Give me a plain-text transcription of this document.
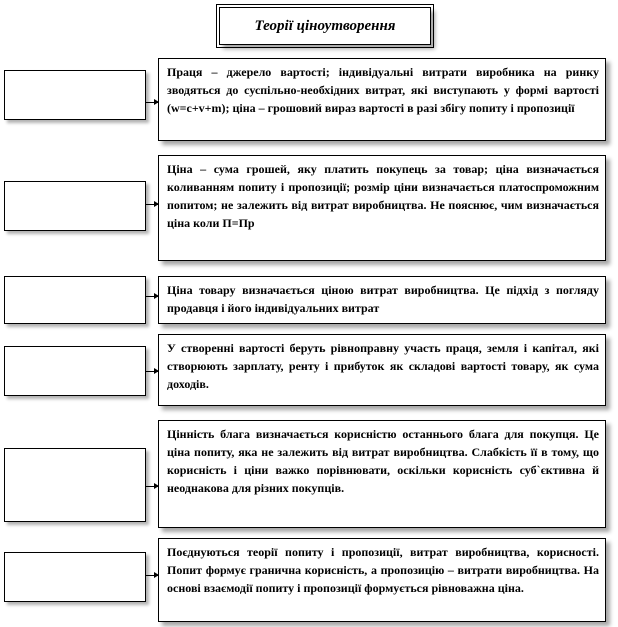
Теорії ціноутворення
Праця – джерело вартості; індивідуальні витрати виробника на ринку зводяться до суспільно-необхідних витрат, які виступають у формі вартості (w=c+v+m); ціна – грошовий вираз вартості в разі збігу попиту і пропозиції
Ціна – сума грошей, яку платить покупець за товар; ціна визначається коливанням попиту і пропозиції; розмір ціни визначається платоспроможним попитом; не залежить від витрат виробництва. Не пояснює, чим визначається ціна коли П=Пр
Ціна товару визначається ціною витрат виробництва. Це підхід з погляду продавця і його індивідуальних витрат
У створенні вартості беруть рівноправну участь праця, земля і капітал, які створюють зарплату, ренту і прибуток як складові вартості товару, як сума доходів.
Цінність блага визначається корисністю останнього блага для покупця. Це ціна попиту, яка не залежить від витрат виробництва. Слабкість її в тому, що корисність і ціни важко порівнювати, оскільки корисність суб`єктивна й неоднакова для різних покупців.
Поєднуються теорії попиту і пропозиції, витрат виробництва, корисності. Попит формує гранична корисність, а пропозицію – витрати виробництва. На основі взаємодії попиту і пропозиції формується рівноважна ціна.
